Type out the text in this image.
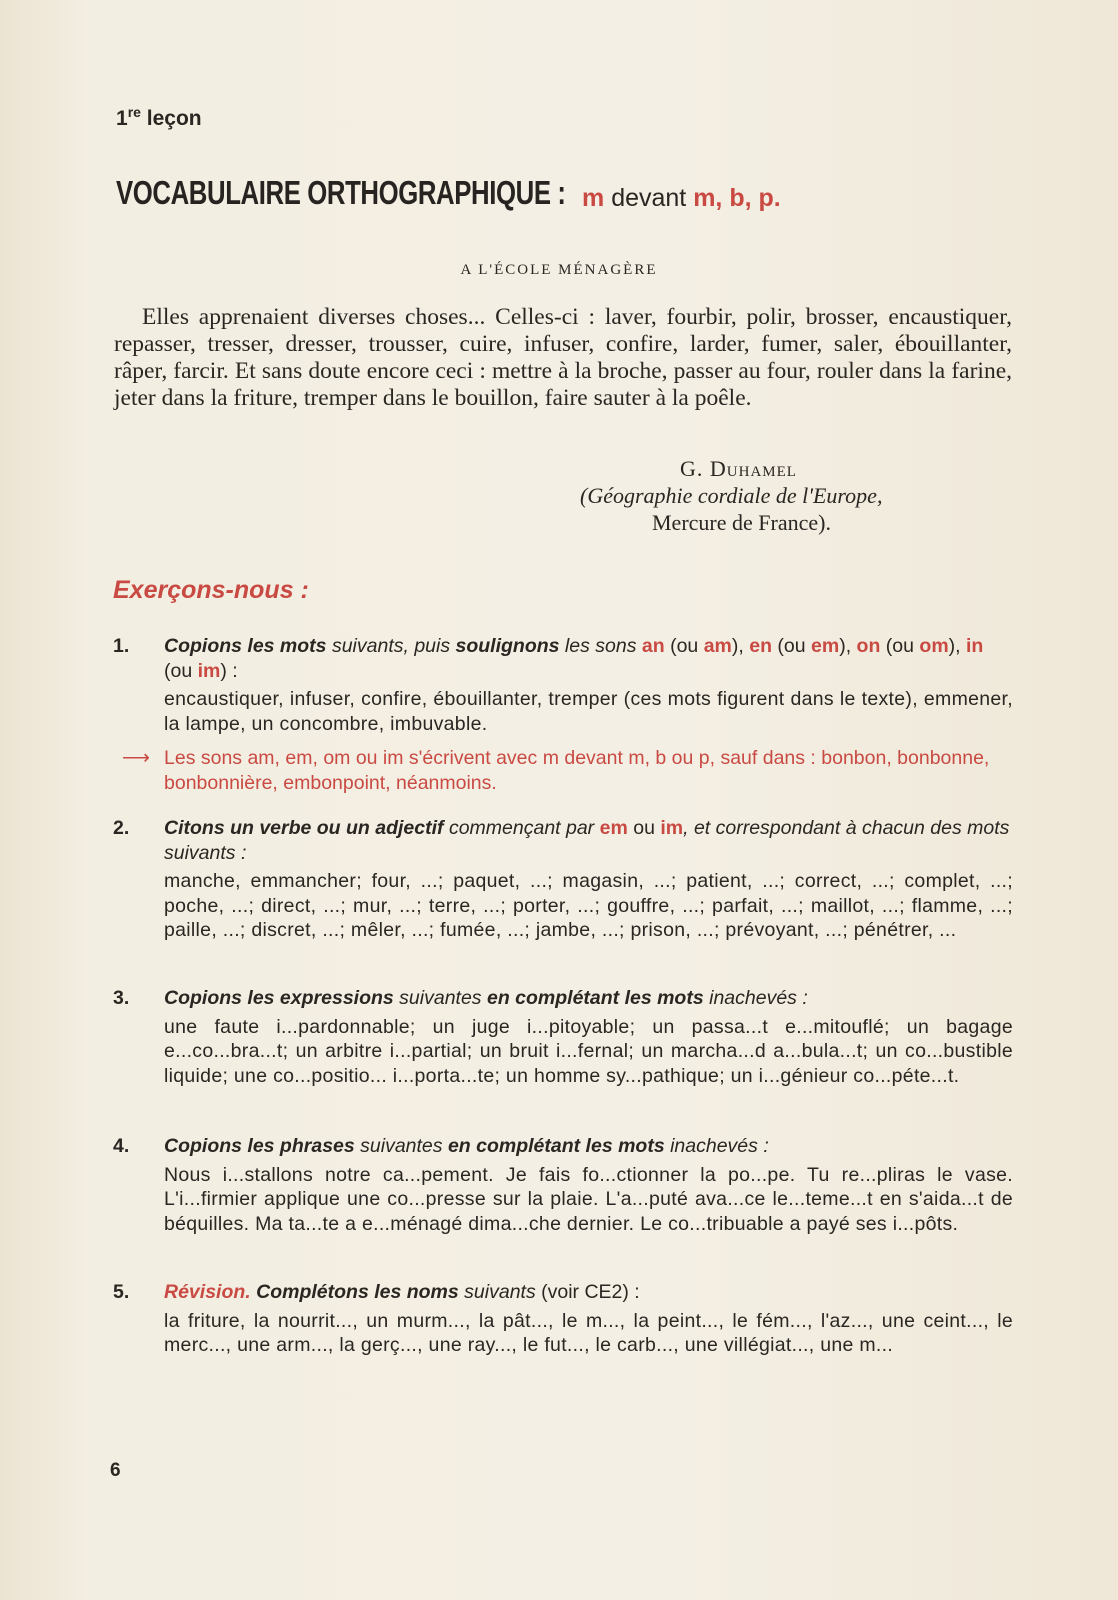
1re leçon
VOCABULAIRE ORTHOGRAPHIQUE : m devant m, b, p.
A L'ÉCOLE MÉNAGÈRE
Elles apprenaient diverses choses... Celles-ci : laver, fourbir, polir, brosser, encaustiquer, repasser, tresser, dresser, trousser, cuire, infuser, confire, larder, fumer, saler, ébouillanter, râper, farcir. Et sans doute encore ceci : mettre à la broche, passer au four, rouler dans la farine, jeter dans la friture, tremper dans le bouillon, faire sauter à la poêle.
G. Duhamel
(Géographie cordiale de l'Europe,
Mercure de France).
Exerçons-nous :
1. Copions les mots suivants, puis soulignons les sons an (ou am), en (ou em), on (ou om), in (ou im) :
encaustiquer, infuser, confire, ébouillanter, tremper (ces mots figurent dans le texte), emmener, la lampe, un concombre, imbuvable.
⟶ Les sons am, em, om ou im s'écrivent avec m devant m, b ou p, sauf dans : bonbon, bonbonne, bonbonnière, embonpoint, néanmoins.
2. Citons un verbe ou un adjectif commençant par em ou im, et correspondant à chacun des mots suivants :
manche, emmancher; four, ...; paquet, ...; magasin, ...; patient, ...; correct, ...; complet, ...; poche, ...; direct, ...; mur, ...; terre, ...; porter, ...; gouffre, ...; parfait, ...; maillot, ...; flamme, ...; paille, ...; discret, ...; mêler, ...; fumée, ...; jambe, ...; prison, ...; prévoyant, ...; pénétrer, ...
3. Copions les expressions suivantes en complétant les mots inachevés :
une faute i...pardonnable; un juge i...pitoyable; un passa...t e...mitouflé; un bagage e...co...bra...t; un arbitre i...partial; un bruit i...fernal; un marcha...d a...bula...t; un co...bustible liquide; une co...positio... i...porta...te; un homme sy...pathique; un i...génieur co...péte...t.
4. Copions les phrases suivantes en complétant les mots inachevés :
Nous i...stallons notre ca...pement. Je fais fo...ctionner la po...pe. Tu re...pliras le vase. L'i...firmier applique une co...presse sur la plaie. L'a...puté ava...ce le...teme...t en s'aida...t de béquilles. Ma ta...te a e...ménagé dima...che dernier. Le co...tribuable a payé ses i...pôts.
5. Révision. Complétons les noms suivants (voir CE2) :
la friture, la nourrit..., un murm..., la pât..., le m..., la peint..., le fém..., l'az..., une ceint..., le merc..., une arm..., la gerç..., une ray..., le fut..., le carb..., une villégiat..., une m...
6
